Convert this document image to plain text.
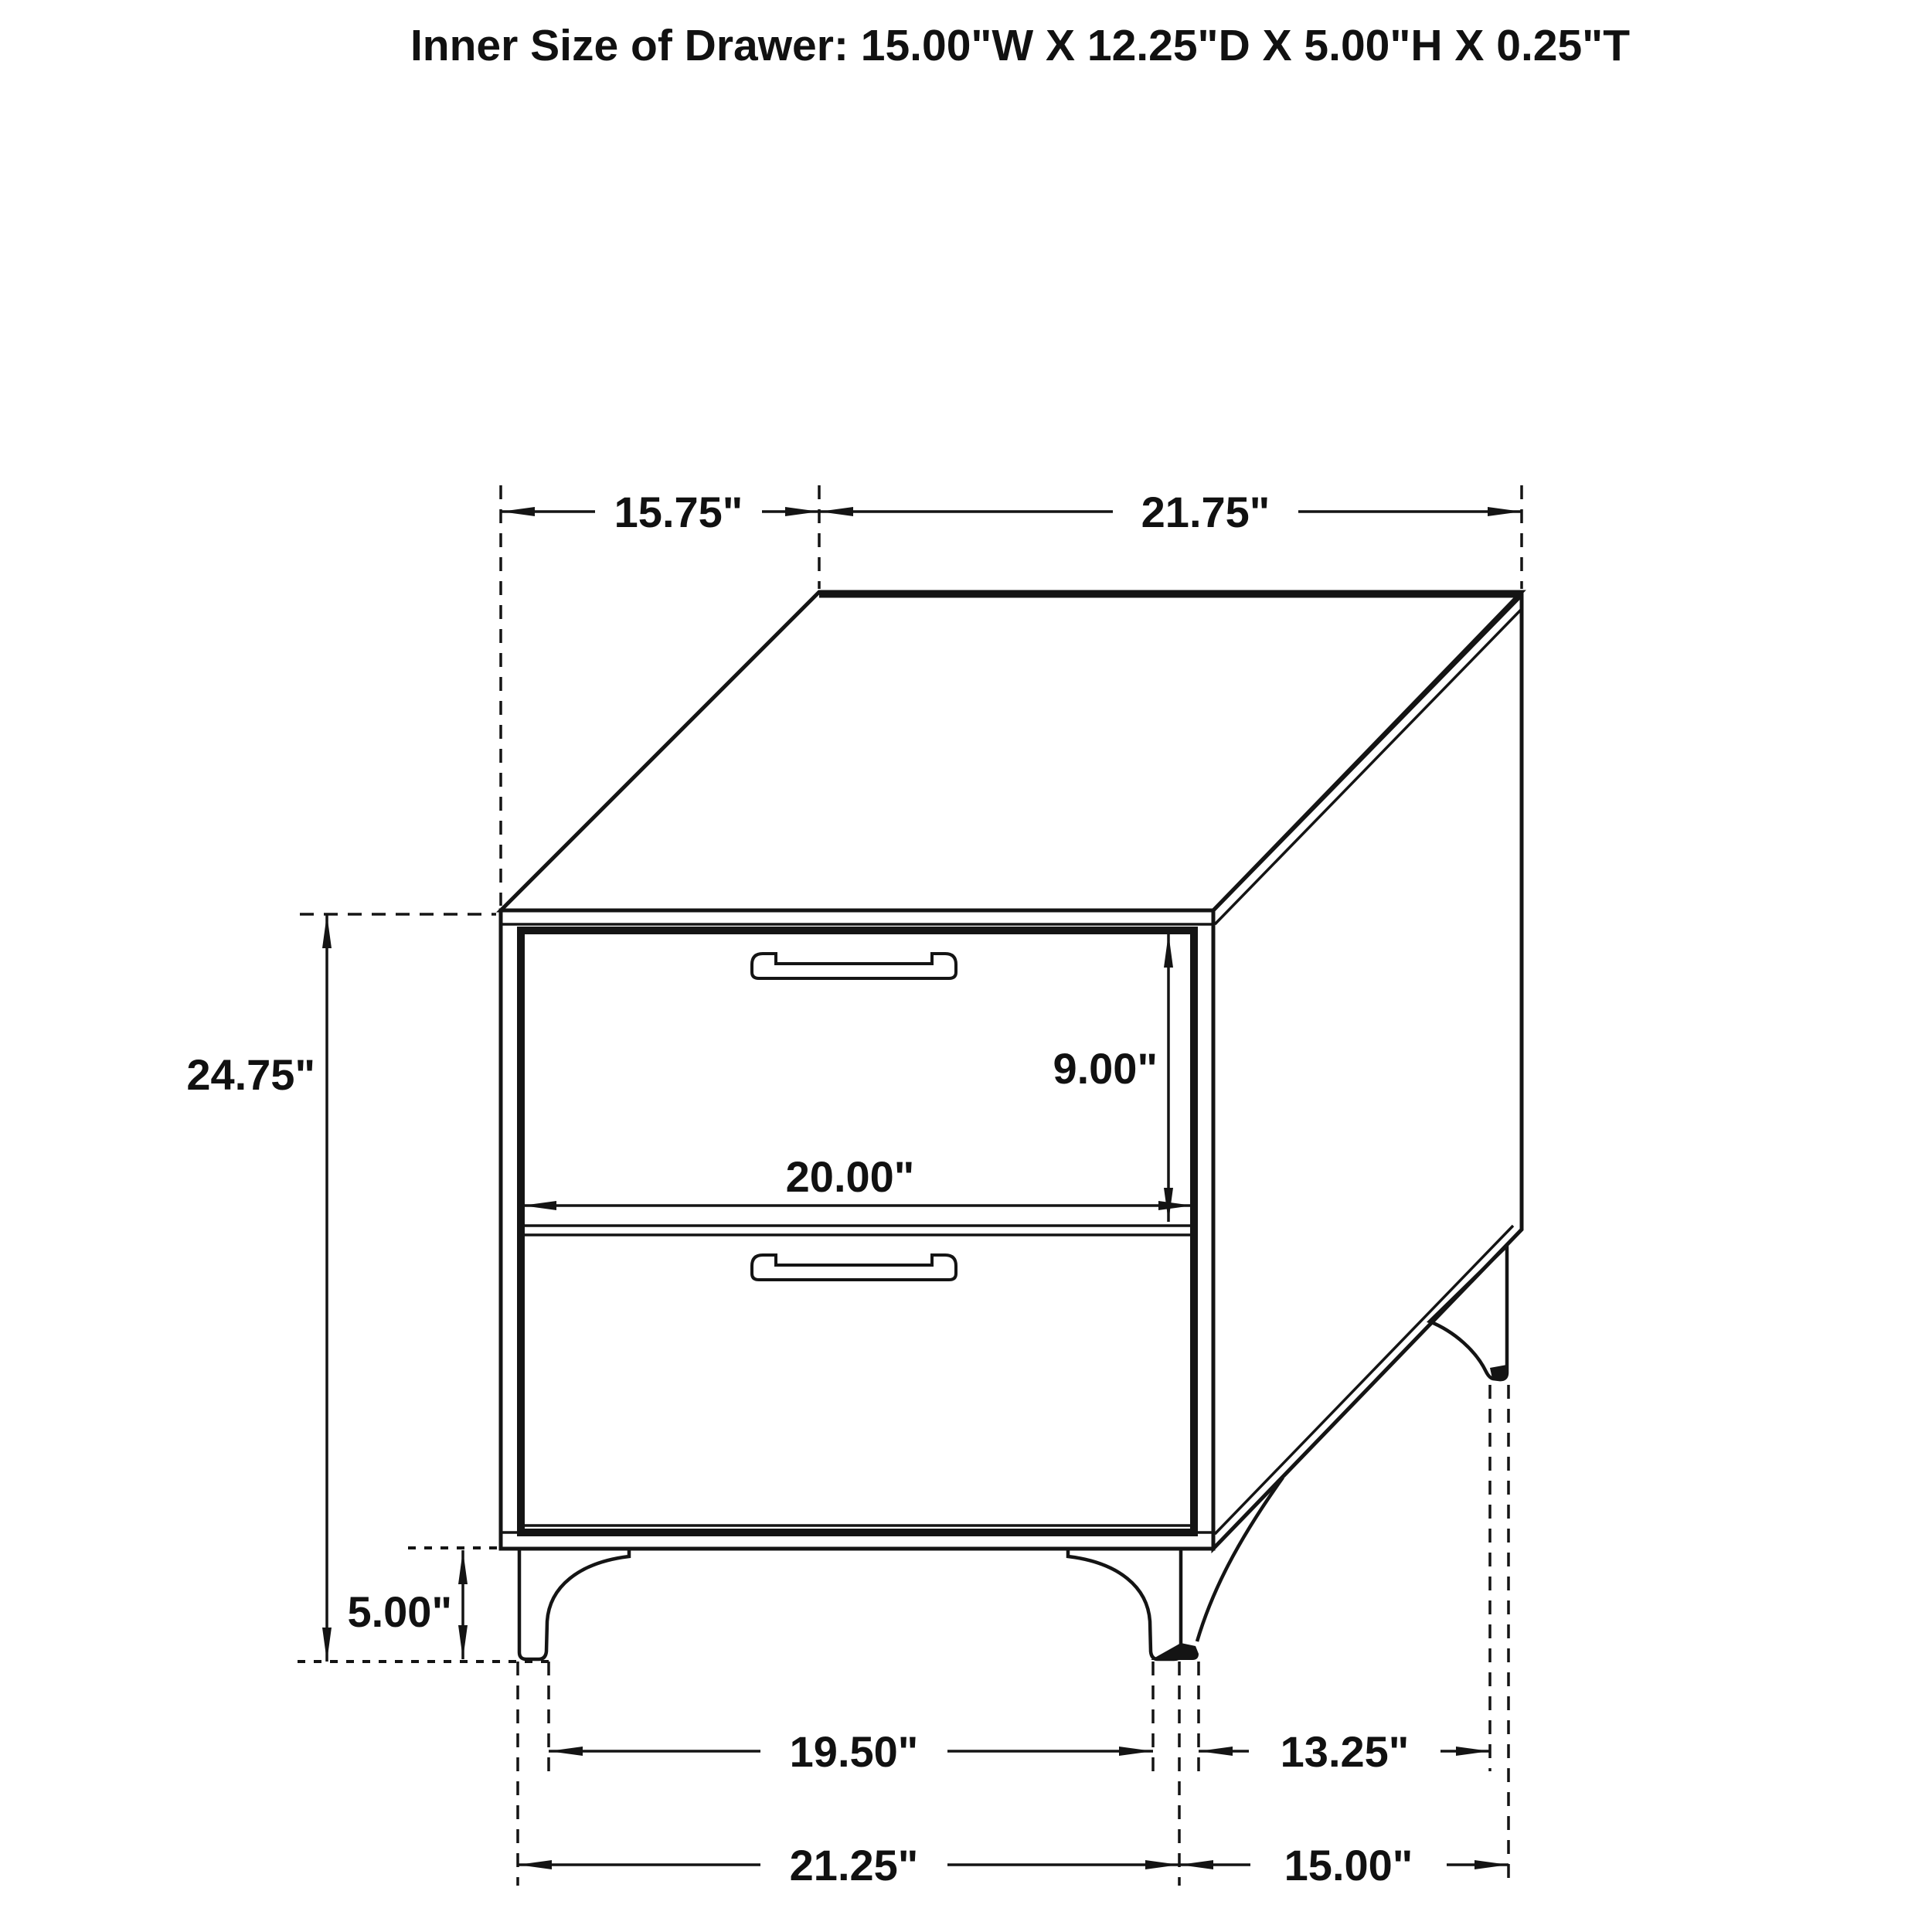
Inner Size of Drawer: 15.00"W X 12.25"D X 5.00"H X 0.25"T
15.75"	21.75"
24.75"	9.00"
20.00"
5.00"
19.50"	13.25"
21.25"	15.00"
